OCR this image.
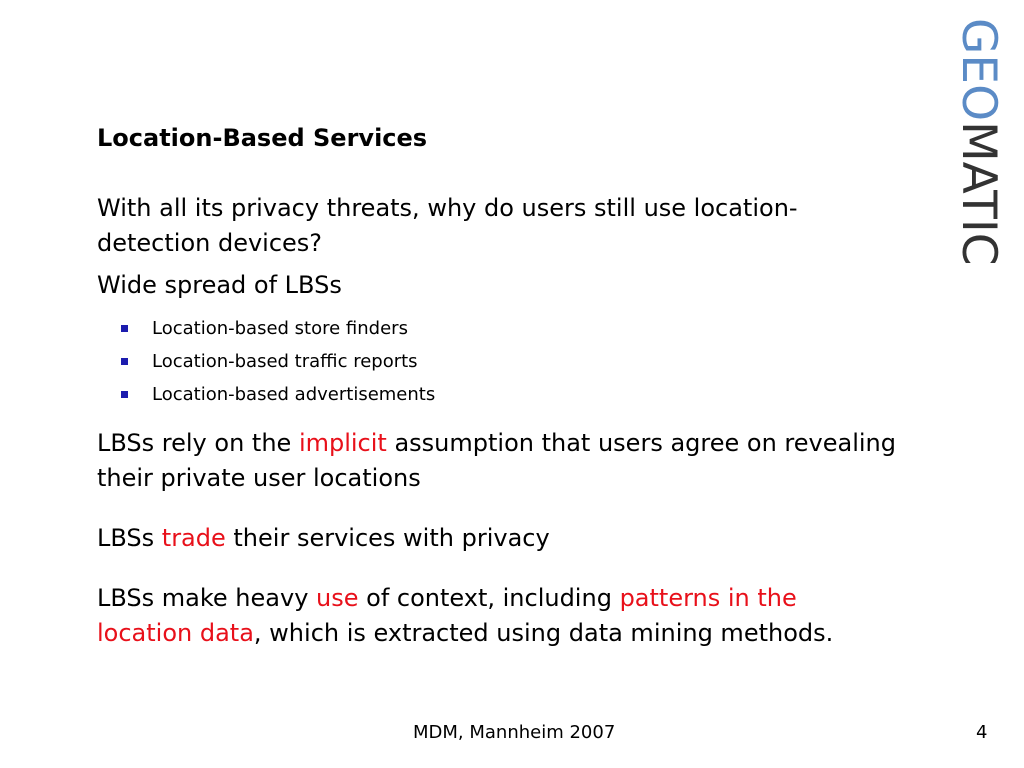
GEOMATIC
Location-Based Services

With all its privacy threats, why do users still use location-detection devices?

Wide spread of LBSs

Location-based store finders
Location-based traffic reports
Location-based advertisements

LBSs rely on the implicit assumption that users agree on revealing their private user locations

LBSs trade their services with privacy

LBSs make heavy use of context, including patterns in the location data, which is extracted using data mining methods.

MDM, Mannheim 2007	4
